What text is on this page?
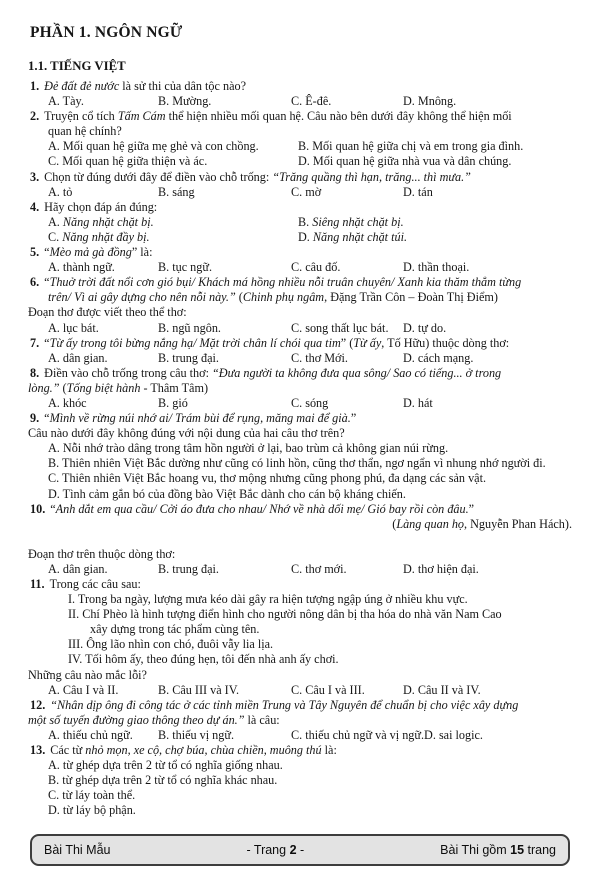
PHẦN 1. NGÔN NGỮ
1.1. TIẾNG VIỆT
1. Đẻ đất đẻ nước là sử thi của dân tộc nào?
A. Tày.	B. Mường.	C. Ê-đê.	D. Mnông.
2. Truyện cổ tích Tấm Cám thể hiện nhiều mối quan hệ. Câu nào bên dưới đây không thể hiện mối
quan hệ chính?
A. Mối quan hệ giữa mẹ ghẻ và con chồng.	B. Mối quan hệ giữa chị và em trong gia đình.
C. Mối quan hệ giữa thiện và ác.	D. Mối quan hệ giữa nhà vua và dân chúng.
3. Chọn từ đúng dưới đây để điền vào chỗ trống: “Trăng quầng thì hạn, trăng... thì mưa.”
A. tỏ	B. sáng	C. mờ	D. tán
4. Hãy chọn đáp án đúng:
A. Năng nhặt chặt bị.	B. Siêng nhặt chặt bị.
C. Năng nhặt đầy bị.	D. Năng nhặt chặt túi.
5. “Mèo mả gà đồng” là:
A. thành ngữ.	B. tục ngữ.	C. câu đố.	D. thần thoại.
6. “Thuở trời đất nổi cơn gió bụi/ Khách má hồng nhiều nỗi truân chuyên/ Xanh kia thăm thẳm từng
trên/ Vì ai gây dựng cho nên nỗi này.” (Chinh phụ ngâm, Đặng Trần Côn – Đoàn Thị Điểm)
Đoạn thơ được viết theo thể thơ:
A. lục bát.	B. ngũ ngôn.	C. song thất lục bát.	D. tự do.
7. “Từ ấy trong tôi bừng nắng hạ/ Mặt trời chân lí chói qua tim” (Từ ấy, Tố Hữu) thuộc dòng thơ:
A. dân gian.	B. trung đại.	C. thơ Mới.	D. cách mạng.
8. Điền vào chỗ trống trong câu thơ: “Đưa người ta không đưa qua sông/ Sao có tiếng... ở trong
lòng.” (Tống biệt hành - Thâm Tâm)
A. khóc	B. gió	C. sóng	D. hát
9. “Mình về rừng núi nhớ ai/ Trám bùi để rụng, măng mai để già.”
Câu nào dưới đây không đúng với nội dung của hai câu thơ trên?
A. Nỗi nhớ trào dâng trong tâm hồn người ở lại, bao trùm cả không gian núi rừng.
B. Thiên nhiên Việt Bắc dường như cũng có linh hồn, cũng thơ thẩn, ngơ ngẩn vì nhung nhớ người đi.
C. Thiên nhiên Việt Bắc hoang vu, thơ mộng nhưng cũng phong phú, đa dạng các sản vật.
D. Tình cảm gắn bó của đồng bào Việt Bắc dành cho cán bộ kháng chiến.
10. “Anh dắt em qua cầu/ Cởi áo đưa cho nhau/ Nhớ về nhà dối mẹ/ Gió bay rồi còn đâu.”
(Làng quan họ, Nguyễn Phan Hách).
Đoạn thơ trên thuộc dòng thơ:
A. dân gian.	B. trung đại.	C. thơ mới.	D. thơ hiện đại.
11. Trong các câu sau:
I. Trong ba ngày, lượng mưa kéo dài gây ra hiện tượng ngập úng ở nhiều khu vực.
II. Chí Phèo là hình tượng điển hình cho người nông dân bị tha hóa do nhà văn Nam Cao
xây dựng trong tác phẩm cùng tên.
III. Ông lão nhìn con chó, đuôi vẫy lia lịa.
IV. Tối hôm ấy, theo đúng hẹn, tôi đến nhà anh ấy chơi.
Những câu nào mắc lỗi?
A. Câu I và II.	B. Câu III và IV.	C. Câu I và III.	D. Câu II và IV.
12. “Nhân dịp ông đi công tác ở các tỉnh miền Trung và Tây Nguyên để chuẩn bị cho việc xây dựng
một số tuyến đường giao thông theo dự án.” là câu:
A. thiếu chủ ngữ.	B. thiếu vị ngữ.	C. thiếu chủ ngữ và vị ngữ. D. sai logic.
13. Các từ nhỏ mọn, xe cộ, chợ búa, chùa chiền, muông thú là:
A. từ ghép dựa trên 2 từ tổ có nghĩa giống nhau.
B. từ ghép dựa trên 2 từ tổ có nghĩa khác nhau.
C. từ láy toàn thể.
D. từ láy bộ phận.
Bài Thi Mẫu	- Trang 2 -	Bài Thi gồm 15 trang
